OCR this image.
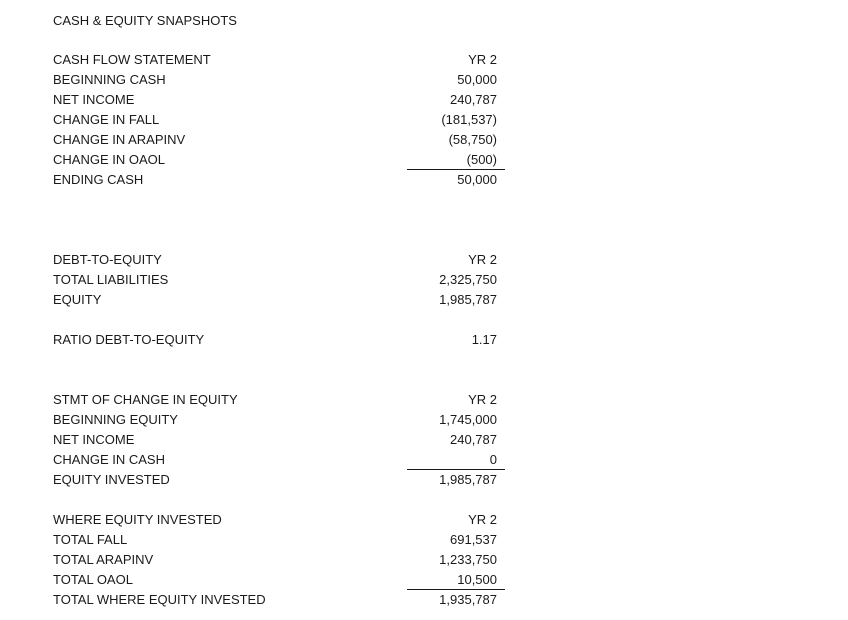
CASH & EQUITY SNAPSHOTS
CASH FLOW STATEMENT	YR 2
BEGINNING CASH	50,000
NET INCOME	240,787
CHANGE IN FALL	(181,537)
CHANGE IN ARAPINV	(58,750)
CHANGE IN OAOL	(500)
ENDING CASH	50,000
DEBT-TO-EQUITY	YR 2
TOTAL LIABILITIES	2,325,750
EQUITY	1,985,787
RATIO DEBT-TO-EQUITY	1.17
STMT OF CHANGE IN EQUITY	YR 2
BEGINNING EQUITY	1,745,000
NET INCOME	240,787
CHANGE IN CASH	0
EQUITY INVESTED	1,985,787
WHERE EQUITY INVESTED	YR 2
TOTAL FALL	691,537
TOTAL ARAPINV	1,233,750
TOTAL OAOL	10,500
TOTAL WHERE EQUITY INVESTED	1,935,787
